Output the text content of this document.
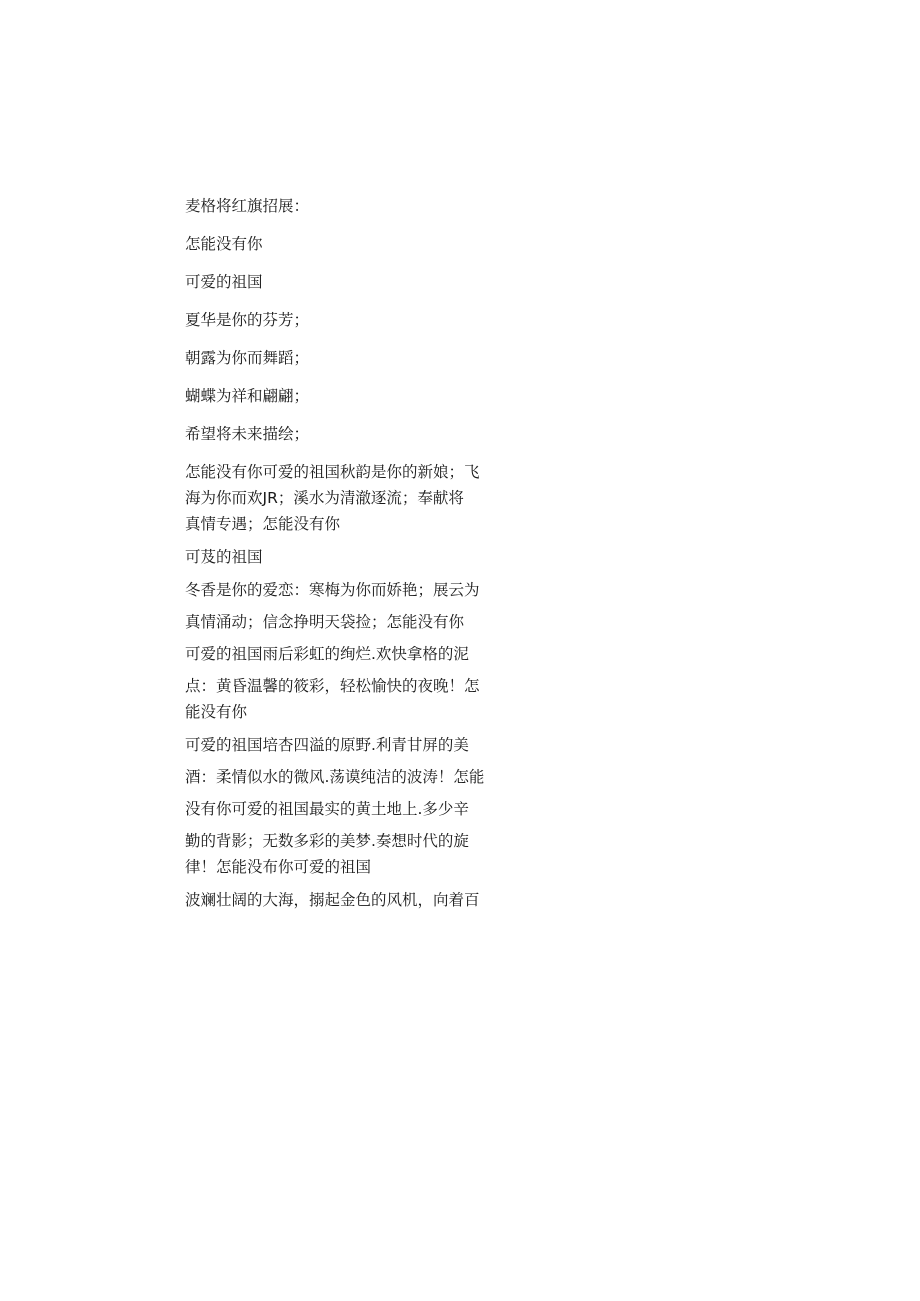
麦格将红旗招展：
怎能没有你
可爱的祖国
夏华是你的芬芳；
朝露为你而舞蹈；
蝴蝶为祥和翩翩；
希望将未来描绘；
怎能没有你可爱的祖国秋韵是你的新娘；飞
海为你而欢JR；溪水为清澈逐流；奉献将
真情专遇；怎能没有你
可芨的祖国
冬香是你的爱恋：寒梅为你而娇艳；展云为
真情涌动；信念挣明天袋捡；怎能没有你
可爱的祖国雨后彩虹的绚烂.欢快拿格的泥
点：黄昏温馨的筱彩，轻松愉快的夜晚！怎
能没有你
可爱的祖国培杏四溢的原野.利青甘屏的美
酒：柔情似水的微风.荡谟纯洁的波涛！怎能
没有你可爱的祖国最实的黄土地上.多少辛
勤的背影；无数多彩的美梦.奏想时代的旋
律！怎能没布你可爱的祖国
波斓壮阔的大海，搦起金色的风机，向着百
